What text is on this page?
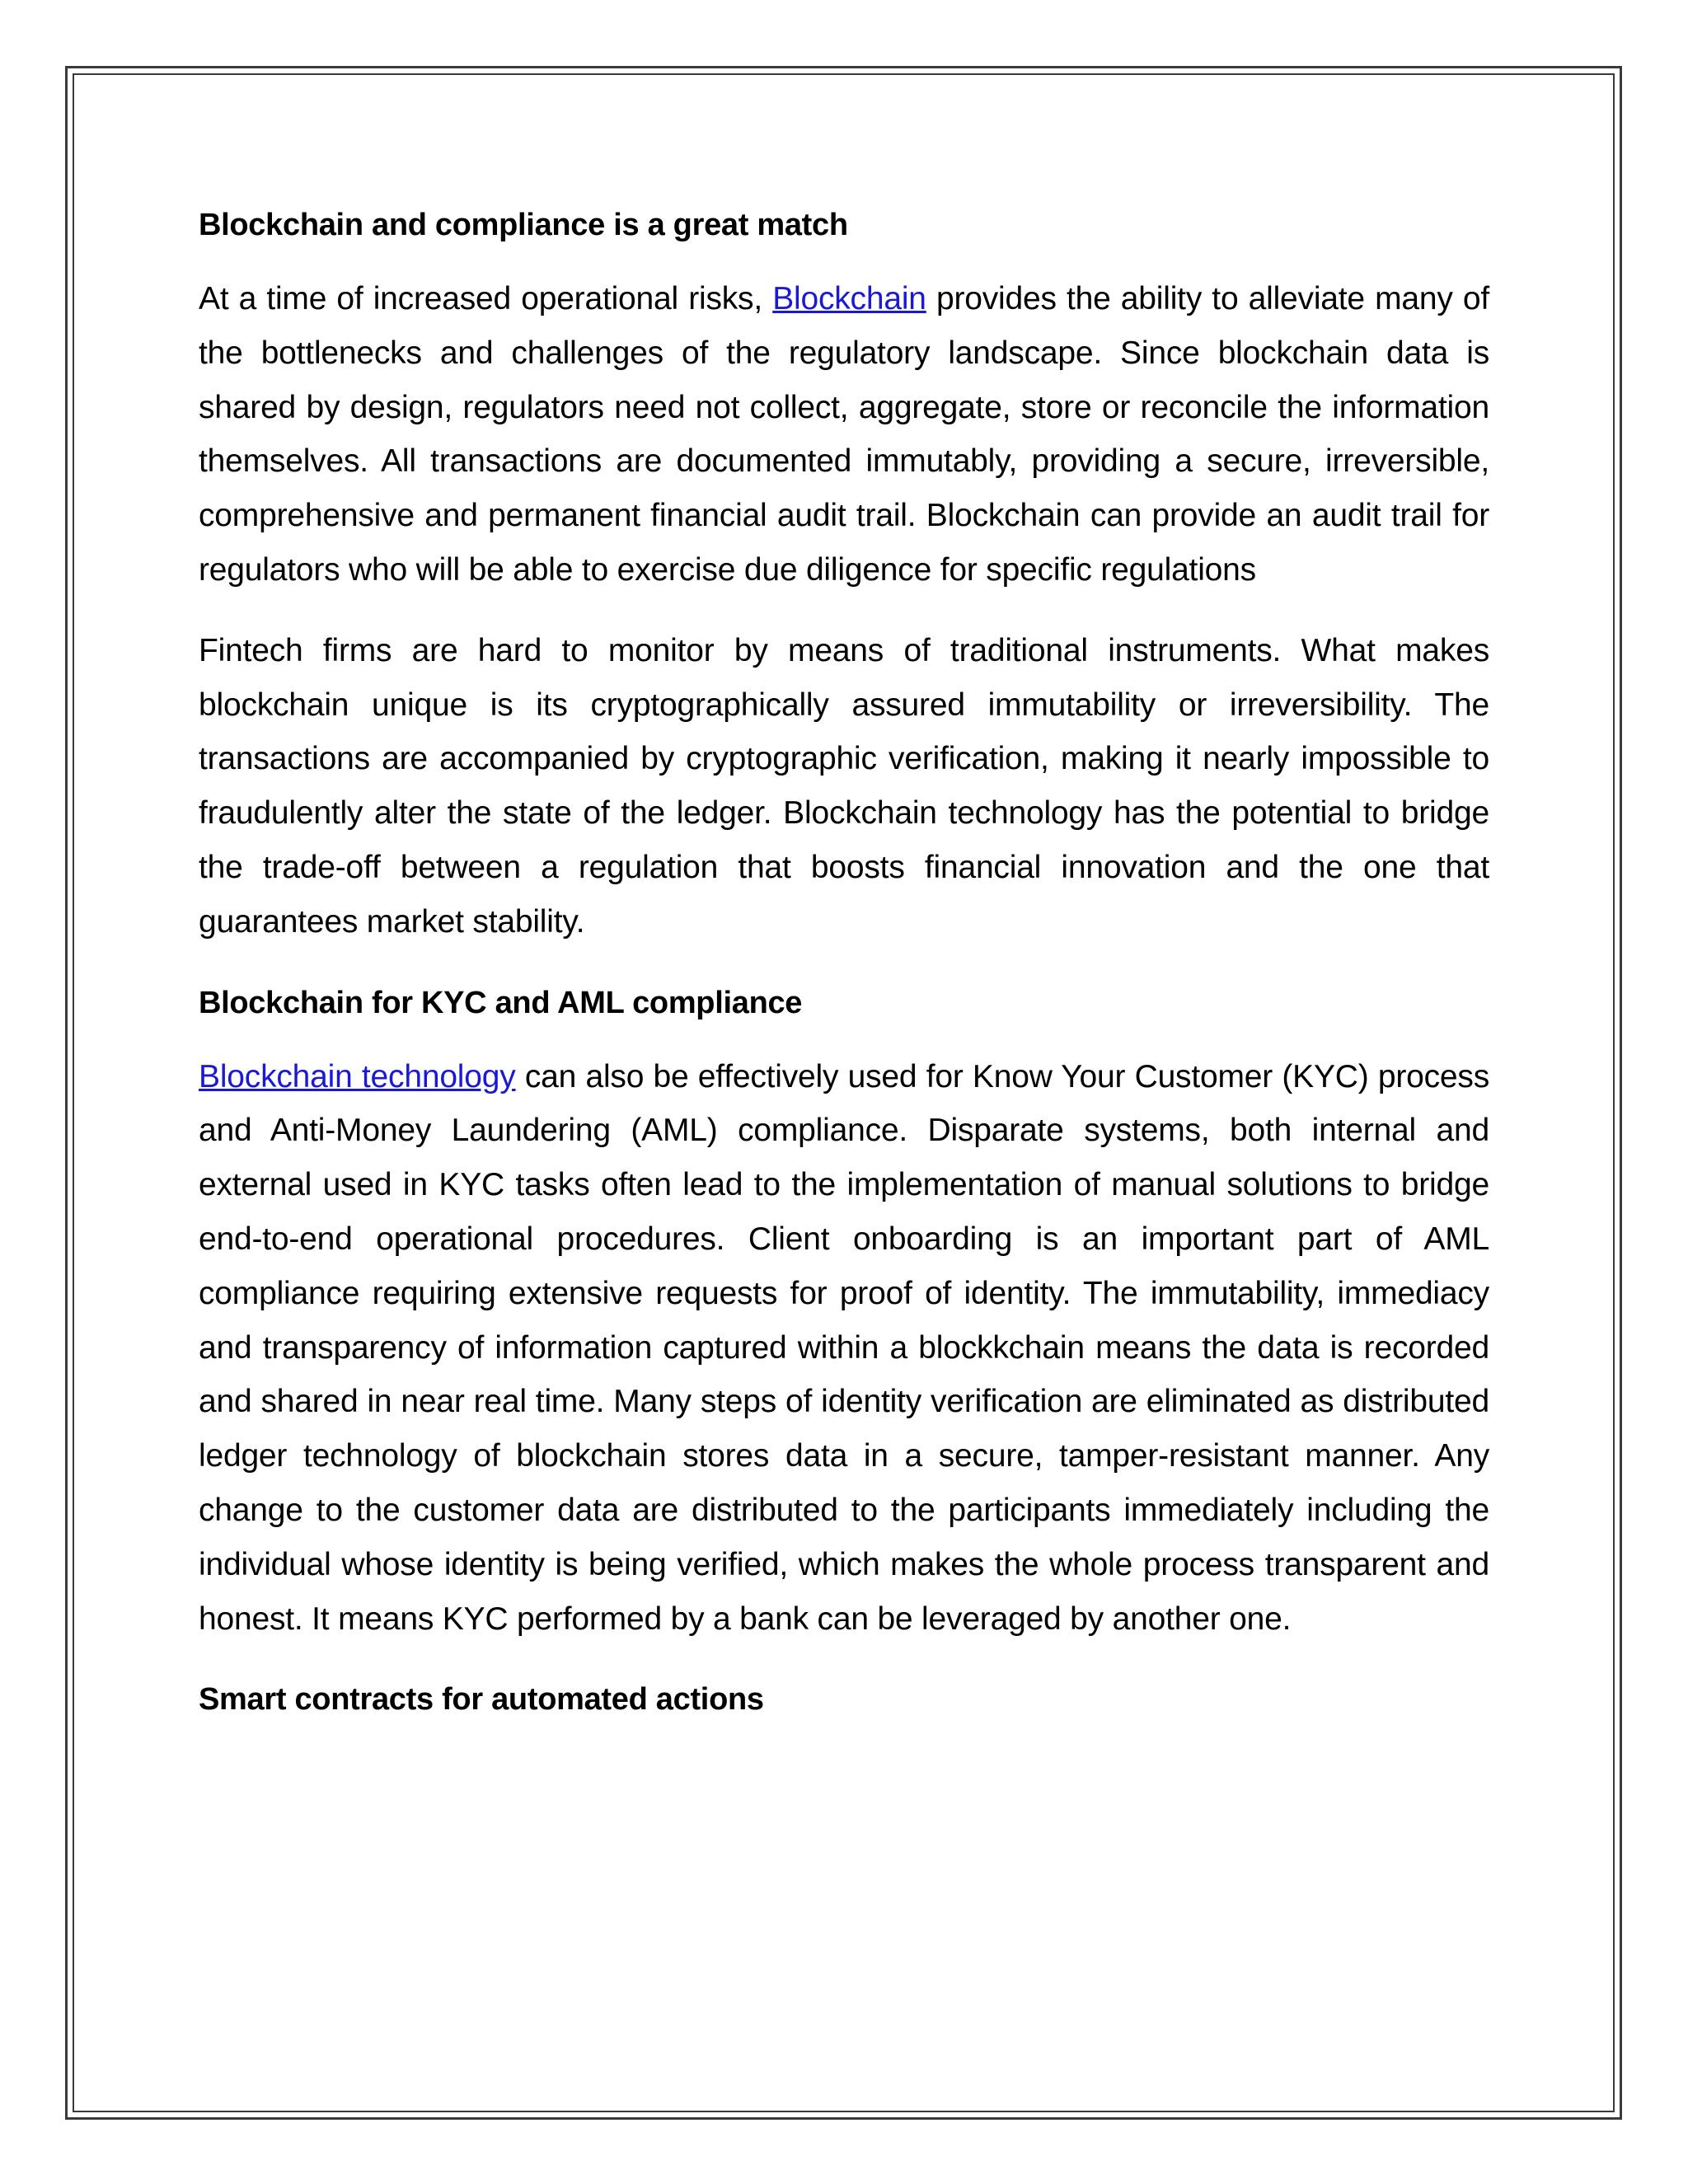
Blockchain and compliance is a great match

At a time of increased operational risks, Blockchain provides the ability to alleviate many of the bottlenecks and challenges of the regulatory landscape. Since blockchain data is shared by design, regulators need not collect, aggregate, store or reconcile the information themselves. All transactions are documented immutably, providing a secure, irreversible, comprehensive and permanent financial audit trail. Blockchain can provide an audit trail for regulators who will be able to exercise due diligence for specific regulations

Fintech firms are hard to monitor by means of traditional instruments. What makes blockchain unique is its cryptographically assured immutability or irreversibility. The transactions are accompanied by cryptographic verification, making it nearly impossible to fraudulently alter the state of the ledger. Blockchain technology has the potential to bridge the trade-off between a regulation that boosts financial innovation and the one that guarantees market stability.

Blockchain for KYC and AML compliance

Blockchain technology can also be effectively used for Know Your Customer (KYC) process and Anti-Money Laundering (AML) compliance. Disparate systems, both internal and external used in KYC tasks often lead to the implementation of manual solutions to bridge end-to-end operational procedures. Client onboarding is an important part of AML compliance requiring extensive requests for proof of identity. The immutability, immediacy and transparency of information captured within a blockkchain means the data is recorded and shared in near real time. Many steps of identity verification are eliminated as distributed ledger technology of blockchain stores data in a secure, tamper-resistant manner. Any change to the customer data are distributed to the participants immediately including the individual whose identity is being verified, which makes the whole process transparent and honest. It means KYC performed by a bank can be leveraged by another one.

Smart contracts for automated actions
